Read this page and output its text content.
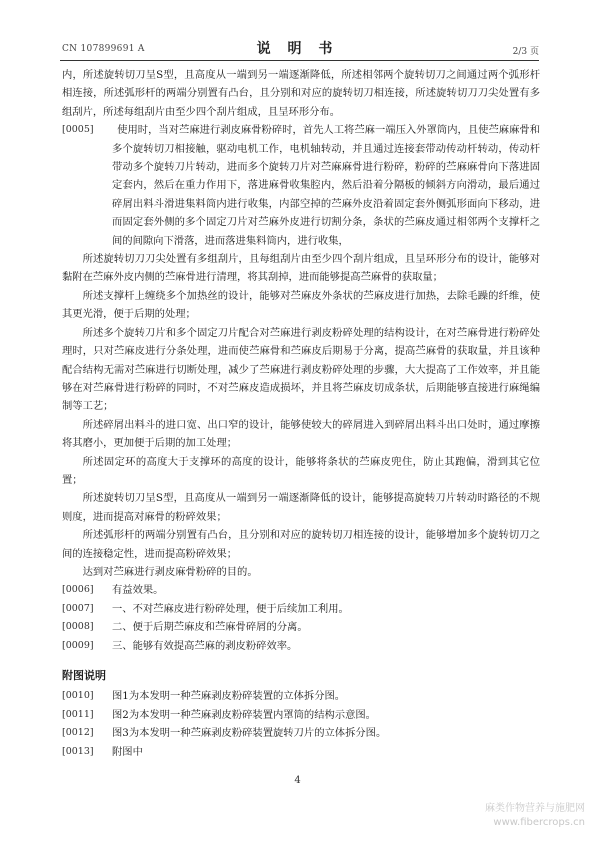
CN 107899691 A	说 明 书	2/3 页

内，所述旋转切刀呈S型，且高度从一端到另一端逐渐降低，所述相邻两个旋转切刀之间通过两个弧形杆相连接，所述弧形杆的两端分别置有凸台，且分别和对应的旋转切刀相连接，所述旋转切刀刀尖处置有多组刮片，所述每组刮片由至少四个刮片组成，且呈环形分布。

[0005]	使用时，当对苎麻进行剥皮麻骨粉碎时，首先人工将苎麻一端压入外罩筒内，且使苎麻麻骨和多个旋转切刀相接触，驱动电机工作，电机轴转动，并且通过连接套带动传动杆转动，传动杆带动多个旋转刀片转动，进而多个旋转刀片对苎麻麻骨进行粉碎，粉碎的苎麻麻骨向下落进固定套内，然后在重力作用下，落进麻骨收集腔内，然后沿着分隔板的倾斜方向滑动，最后通过碎屑出料斗滑进集料筒内进行收集，内部空掉的苎麻外皮沿着固定套外侧弧形面向下移动，进而固定套外侧的多个固定刀片对苎麻外皮进行切割分条，条状的苎麻皮通过相邻两个支撑杆之间的间隙向下滑落，进而落进集料筒内，进行收集，

所述旋转切刀刀尖处置有多组刮片，且每组刮片由至少四个刮片组成，且呈环形分布的设计，能够对黏附在苎麻外皮内侧的苎麻骨进行清理，将其刮掉，进而能够提高苎麻骨的获取量；

所述支撑杆上缠绕多个加热丝的设计，能够对苎麻皮外条状的苎麻皮进行加热，去除毛躁的纤维，使其更光滑，便于后期的处理；

所述多个旋转刀片和多个固定刀片配合对苎麻进行剥皮粉碎处理的结构设计，在对苎麻骨进行粉碎处理时，只对苎麻皮进行分条处理，进而使苎麻骨和苎麻皮后期易于分离，提高苎麻骨的获取量，并且该种配合结构无需对苎麻进行切断处理，减少了苎麻进行剥皮粉碎处理的步骤，大大提高了工作效率，并且能够在对苎麻骨进行粉碎的同时，不对苎麻皮造成损坏，并且将苎麻皮切成条状，后期能够直接进行麻绳编制等工艺；

所述碎屑出料斗的进口宽、出口窄的设计，能够使较大的碎屑进入到碎屑出料斗出口处时，通过摩擦将其磨小，更加便于后期的加工处理；

所述固定环的高度大于支撑环的高度的设计，能够将条状的苎麻皮兜住，防止其跑偏，滑到其它位置；

所述旋转切刀呈S型，且高度从一端到另一端逐渐降低的设计，能够提高旋转刀片转动时路径的不规则度，进而提高对麻骨的粉碎效果；

所述弧形杆的两端分别置有凸台，且分别和对应的旋转切刀相连接的设计，能够增加多个旋转切刀之间的连接稳定性，进而提高粉碎效果；

达到对苎麻进行剥皮麻骨粉碎的目的。

[0006]	有益效果。

[0007]	一、不对苎麻皮进行粉碎处理，便于后续加工利用。

[0008]	二、便于后期苎麻皮和苎麻骨碎屑的分离。

[0009]	三、能够有效提高苎麻的剥皮粉碎效率。

附图说明

[0010]	图1为本发明一种苎麻剥皮粉碎装置的立体拆分图。

[0011]	图2为本发明一种苎麻剥皮粉碎装置内罩筒的结构示意图。

[0012]	图3为本发明一种苎麻剥皮粉碎装置旋转刀片的立体拆分图。

[0013]	附图中

4
麻类作物营养与施肥网
www.fibercrops.cn
